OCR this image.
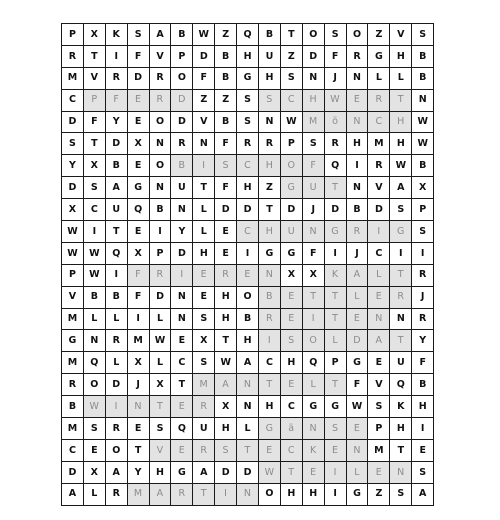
P	X	K	S	A	B	W	Z	Q	B	T	O	S	O	Z	V	S
R	T	I	F	V	P	D	B	H	U	Z	D	F	R	G	H	B
M	V	R	D	R	O	F	B	G	H	S	N	J	N	L	L	B
C	P	F	E	R	D	Z	Z	S	S	C	H	W	E	R	T	N
D	F	Y	E	O	D	V	B	S	N	W	M	ö	N	C	H	W
S	T	D	X	N	R	N	F	R	R	P	S	R	H	M	H	W
Y	X	B	E	O	B	I	S	C	H	O	F	Q	I	R	W	B
D	S	A	G	N	U	T	F	H	Z	G	U	T	N	V	A	X
X	C	U	Q	B	N	L	D	D	T	D	J	D	B	D	S	P
W	I	T	E	I	Y	L	E	C	H	U	N	G	R	I	G	S
W	W	Q	X	P	D	H	E	I	G	G	F	I	J	C	I	I
P	W	I	F	R	I	E	R	E	N	X	X	K	A	L	T	R
V	B	B	F	D	N	E	H	O	B	E	T	T	L	E	R	J
M	L	L	I	L	N	S	H	B	R	E	I	T	E	N	N	R
G	N	R	M	W	E	X	T	H	I	S	O	L	D	A	T	Y
M	Q	L	X	L	C	S	W	A	C	H	Q	P	G	E	U	F
R	O	D	J	X	T	M	A	N	T	E	L	T	F	V	Q	B
B	W	I	N	T	E	R	X	N	H	C	G	G	W	S	K	H
M	S	R	E	S	Q	U	H	L	G	ä	N	S	E	P	H	I
C	E	O	T	V	E	R	S	T	E	C	K	E	N	M	T	E
D	X	A	Y	H	G	A	D	D	W	T	E	I	L	E	N	S
A	L	R	M	A	R	T	I	N	O	H	H	I	G	Z	S	A
